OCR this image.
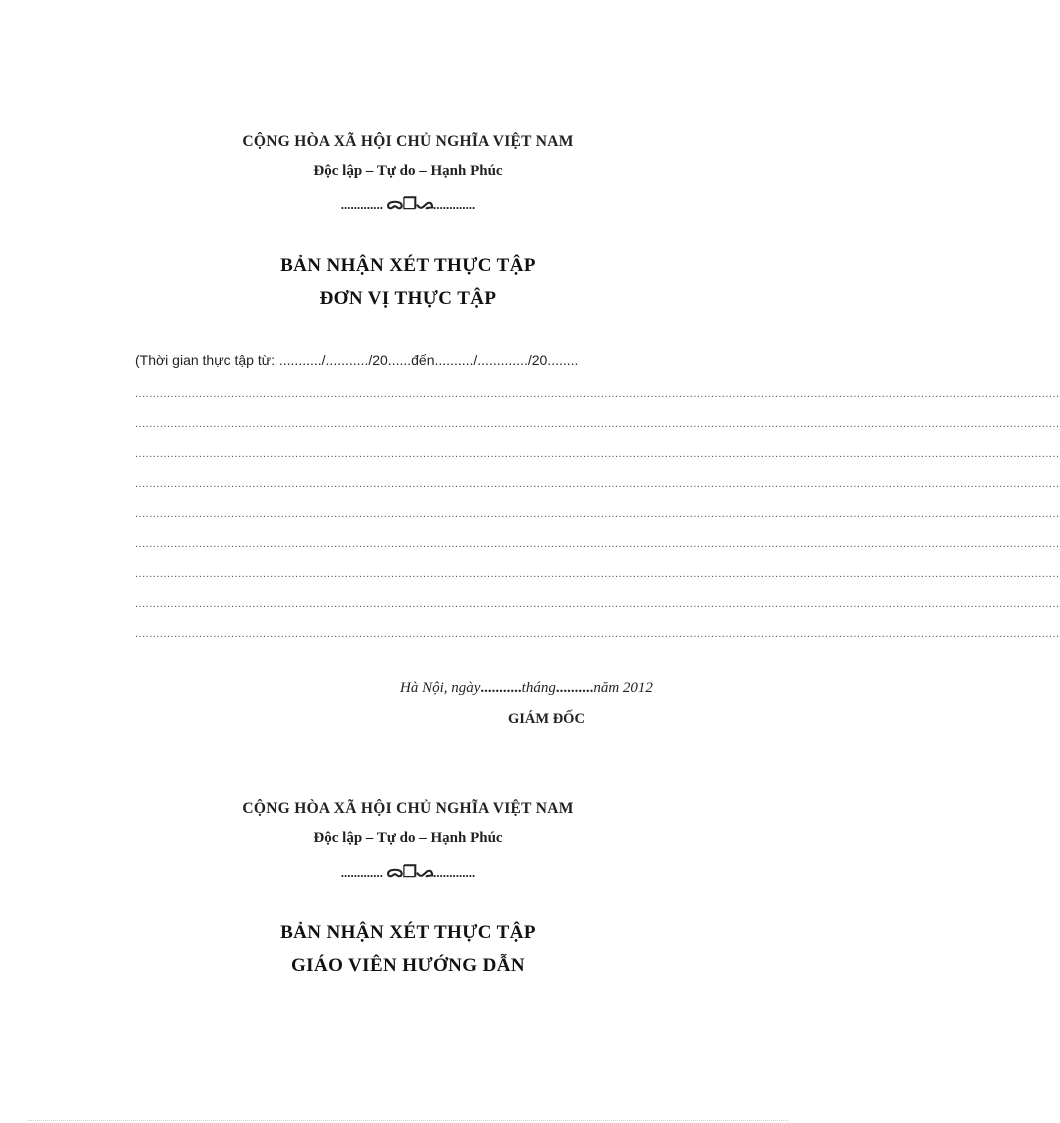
CỘNG HÒA XÃ HỘI CHỦ NGHĨA VIỆT NAM
Độc lập – Tự do – Hạnh Phúc
............. ᯅ❐ᯀ.............
BẢN NHẬN XÉT THỰC TẬP
ĐƠN VỊ THỰC TẬP
(Thời gian thực tập từ: .........../.........../20......đến........../............./20........
....................................................................................................................................................................................................................................................................
....................................................................................................................................................................................................................................................................
....................................................................................................................................................................................................................................................................
....................................................................................................................................................................................................................................................................
....................................................................................................................................................................................................................................................................
....................................................................................................................................................................................................................................................................
....................................................................................................................................................................................................................................................................
....................................................................................................................................................................................................................................................................
....................................................................................................................................................................................................................................................................
Hà Nội, ngày...........tháng..........năm 2012
GIÁM ĐỐC
CỘNG HÒA XÃ HỘI CHỦ NGHĨA VIỆT NAM
Độc lập – Tự do – Hạnh Phúc
............. ᯅ❐ᯀ.............
BẢN NHẬN XÉT THỰC TẬP
GIÁO VIÊN HƯỚNG DẪN
